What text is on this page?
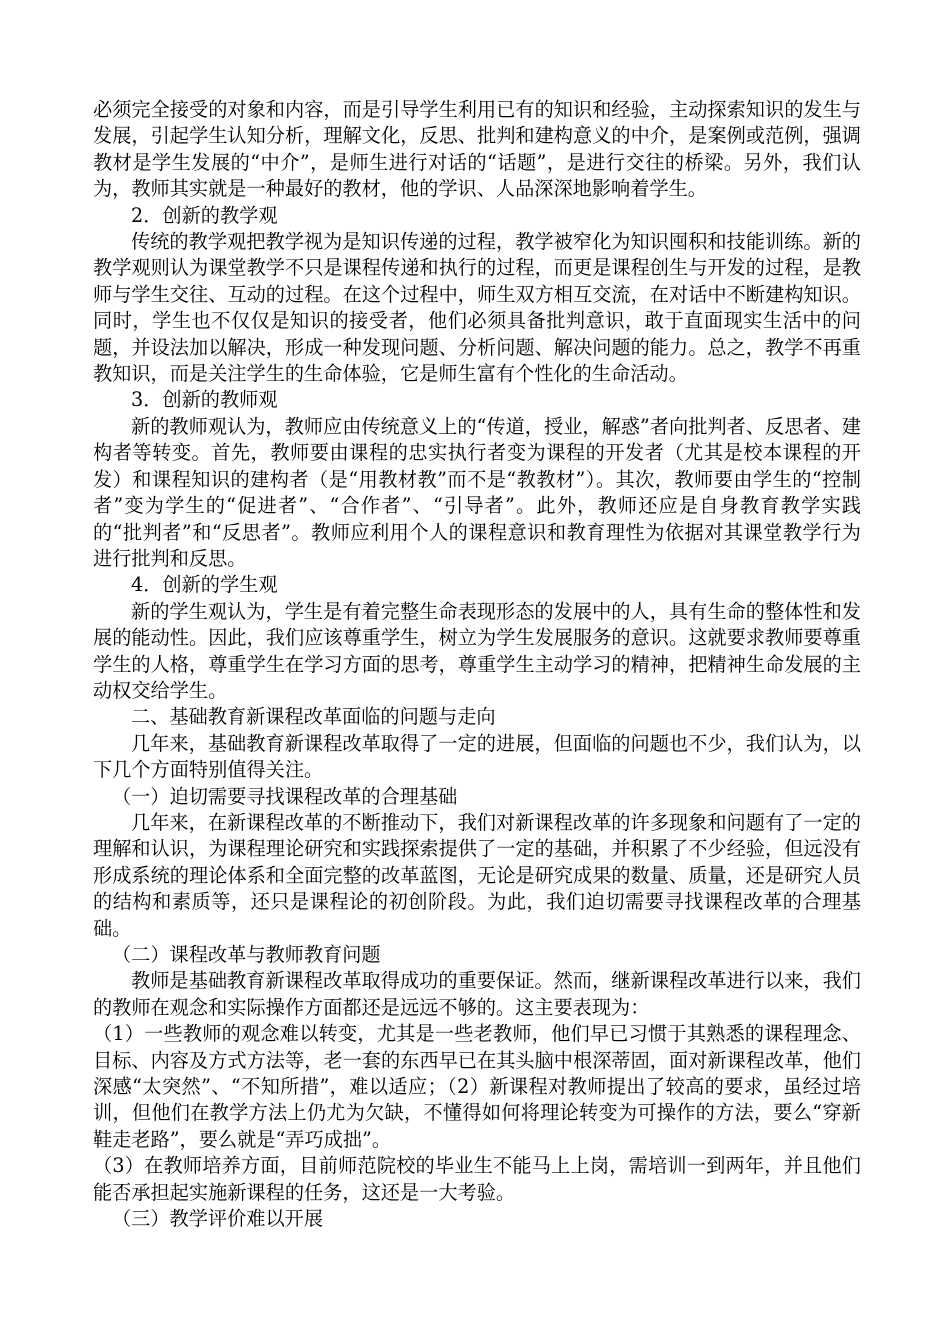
必须完全接受的对象和内容，而是引导学生利用已有的知识和经验，主动探索知识的发生与发展，引起学生认知分析，理解文化，反思、批判和建构意义的中介，是案例或范例，强调教材是学生发展的“中介”，是师生进行对话的“话题”，是进行交往的桥梁。另外，我们认为，教师其实就是一种最好的教材，他的学识、人品深深地影响着学生。

2．创新的教学观

传统的教学观把教学视为是知识传递的过程，教学被窄化为知识囤积和技能训练。新的教学观则认为课堂教学不只是课程传递和执行的过程，而更是课程创生与开发的过程，是教师与学生交往、互动的过程。在这个过程中，师生双方相互交流，在对话中不断建构知识。同时，学生也不仅仅是知识的接受者，他们必须具备批判意识，敢于直面现实生活中的问题，并设法加以解决，形成一种发现问题、分析问题、解决问题的能力。总之，教学不再重教知识，而是关注学生的生命体验，它是师生富有个性化的生命活动。

3．创新的教师观

新的教师观认为，教师应由传统意义上的“传道，授业，解惑”者向批判者、反思者、建构者等转变。首先，教师要由课程的忠实执行者变为课程的开发者（尤其是校本课程的开发）和课程知识的建构者（是“用教材教”而不是“教教材”）。其次，教师要由学生的“控制者”变为学生的“促进者”、“合作者”、“引导者”。此外，教师还应是自身教育教学实践的“批判者”和“反思者”。教师应利用个人的课程意识和教育理性为依据对其课堂教学行为进行批判和反思。

4．创新的学生观

新的学生观认为，学生是有着完整生命表现形态的发展中的人，具有生命的整体性和发展的能动性。因此，我们应该尊重学生，树立为学生发展服务的意识。这就要求教师要尊重学生的人格，尊重学生在学习方面的思考，尊重学生主动学习的精神，把精神生命发展的主动权交给学生。

二、基础教育新课程改革面临的问题与走向

几年来，基础教育新课程改革取得了一定的进展，但面临的问题也不少，我们认为，以下几个方面特别值得关注。

（一）迫切需要寻找课程改革的合理基础

几年来，在新课程改革的不断推动下，我们对新课程改革的许多现象和问题有了一定的理解和认识，为课程理论研究和实践探索提供了一定的基础，并积累了不少经验，但远没有形成系统的理论体系和全面完整的改革蓝图，无论是研究成果的数量、质量，还是研究人员的结构和素质等，还只是课程论的初创阶段。为此，我们迫切需要寻找课程改革的合理基础。

（二）课程改革与教师教育问题

教师是基础教育新课程改革取得成功的重要保证。然而，继新课程改革进行以来，我们的教师在观念和实际操作方面都还是远远不够的。这主要表现为：

（1）一些教师的观念难以转变，尤其是一些老教师，他们早已习惯于其熟悉的课程理念、目标、内容及方式方法等，老一套的东西早已在其头脑中根深蒂固，面对新课程改革，他们深感“太突然”、“不知所措”，难以适应；（2）新课程对教师提出了较高的要求，虽经过培训，但他们在教学方法上仍尤为欠缺，不懂得如何将理论转变为可操作的方法，要么“穿新鞋走老路”，要么就是“弄巧成拙”。

（3）在教师培养方面，目前师范院校的毕业生不能马上上岗，需培训一到两年，并且他们能否承担起实施新课程的任务，这还是一大考验。

（三）教学评价难以开展
